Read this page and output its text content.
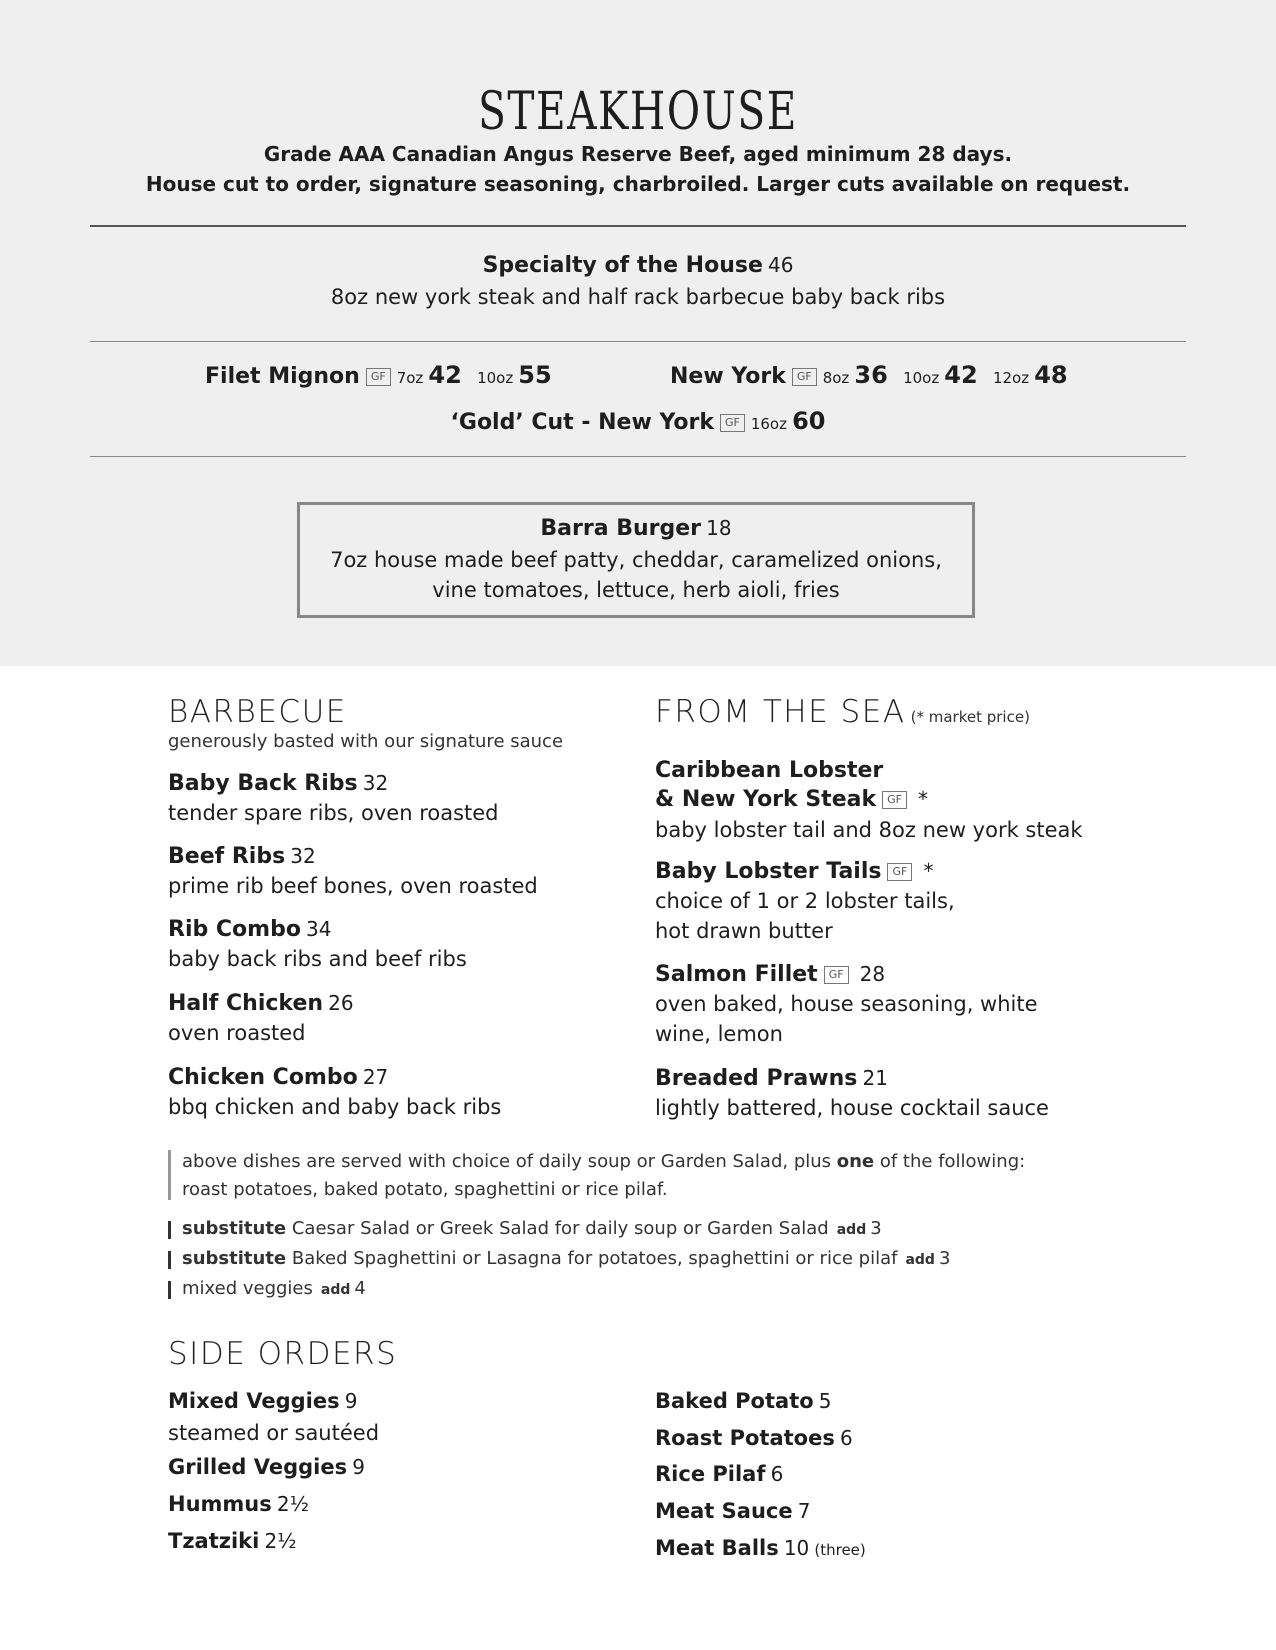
STEAKHOUSE
Grade AAA Canadian Angus Reserve Beef, aged minimum 28 days.
House cut to order, signature seasoning, charbroiled. Larger cuts available on request.
Specialty of the House 46
8oz new york steak and half rack barbecue baby back ribs
Filet Mignon GF 7oz 42 10oz 55	New York GF 8oz 36 10oz 42 12oz 48
‘Gold’ Cut - New York GF 16oz 60
Barra Burger 18
7oz house made beef patty, cheddar, caramelized onions,
vine tomatoes, lettuce, herb aioli, fries
BARBECUE
generously basted with our signature sauce
Baby Back Ribs 32
tender spare ribs, oven roasted
Beef Ribs 32
prime rib beef bones, oven roasted
Rib Combo 34
baby back ribs and beef ribs
Half Chicken 26
oven roasted
Chicken Combo 27
bbq chicken and baby back ribs
FROM THE SEA (* market price)
Caribbean Lobster
& New York Steak GF *
baby lobster tail and 8oz new york steak
Baby Lobster Tails GF *
choice of 1 or 2 lobster tails,
hot drawn butter
Salmon Fillet GF 28
oven baked, house seasoning, white
wine, lemon
Breaded Prawns 21
lightly battered, house cocktail sauce
above dishes are served with choice of daily soup or Garden Salad, plus one of the following:
roast potatoes, baked potato, spaghettini or rice pilaf.
substitute Caesar Salad or Greek Salad for daily soup or Garden Salad add 3
substitute Baked Spaghettini or Lasagna for potatoes, spaghettini or rice pilaf add 3
mixed veggies add 4
SIDE ORDERS
Mixed Veggies 9
steamed or sautéed
Grilled Veggies 9
Hummus 2½
Tzatziki 2½
Baked Potato 5
Roast Potatoes 6
Rice Pilaf 6
Meat Sauce 7
Meat Balls 10 (three)
